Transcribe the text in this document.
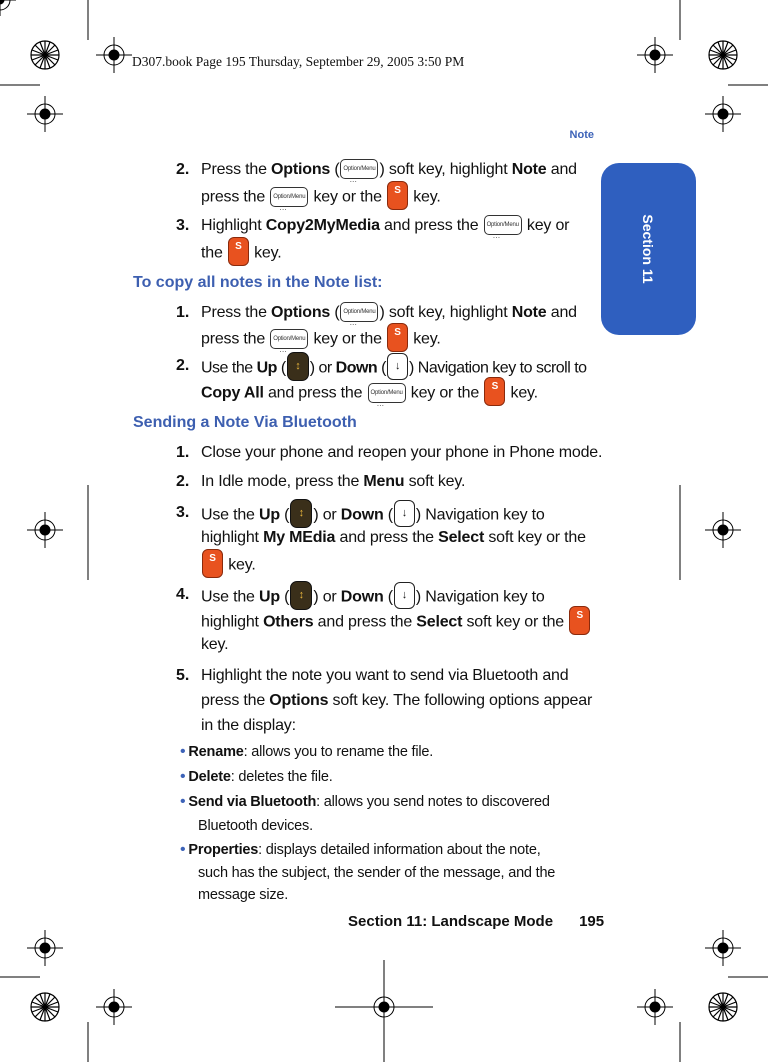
D307.book Page 195 Thursday, September 29, 2005 3:50 PM
Note
Section 11
2. Press the Options ( Option/Menu ··· ) soft key, highlight Note and
press the Option/Menu ··· key or the S key.
3. Highlight Copy2MyMedia and press the Option/Menu ··· key or
the S key.
To copy all notes in the Note list:
1. Press the Options ( Option/Menu ··· ) soft key, highlight Note and
press the Option/Menu ··· key or the S key.
2. Use the Up ( ↕ ) or Down ( ↓ ) Navigation key to scroll to
Copy All and press the Option/Menu ··· key or the S key.
Sending a Note Via Bluetooth
1. Close your phone and reopen your phone in Phone mode.
2. In Idle mode, press the Menu soft key.
3. Use the Up ( ↕ ) or Down ( ↓ ) Navigation key to
highlight My MEdia and press the Select soft key or the
S key.
4. Use the Up ( ↕ ) or Down ( ↓ ) Navigation key to
highlight Others and press the Select soft key or the S
key.
5. Highlight the note you want to send via Bluetooth and
press the Options soft key. The following options appear
in the display:
• Rename: allows you to rename the file.
• Delete: deletes the file.
• Send via Bluetooth: allows you send notes to discovered
Bluetooth devices.
• Properties: displays detailed information about the note,
such has the subject, the sender of the message, and the
message size.
Section 11: Landscape Mode 195
